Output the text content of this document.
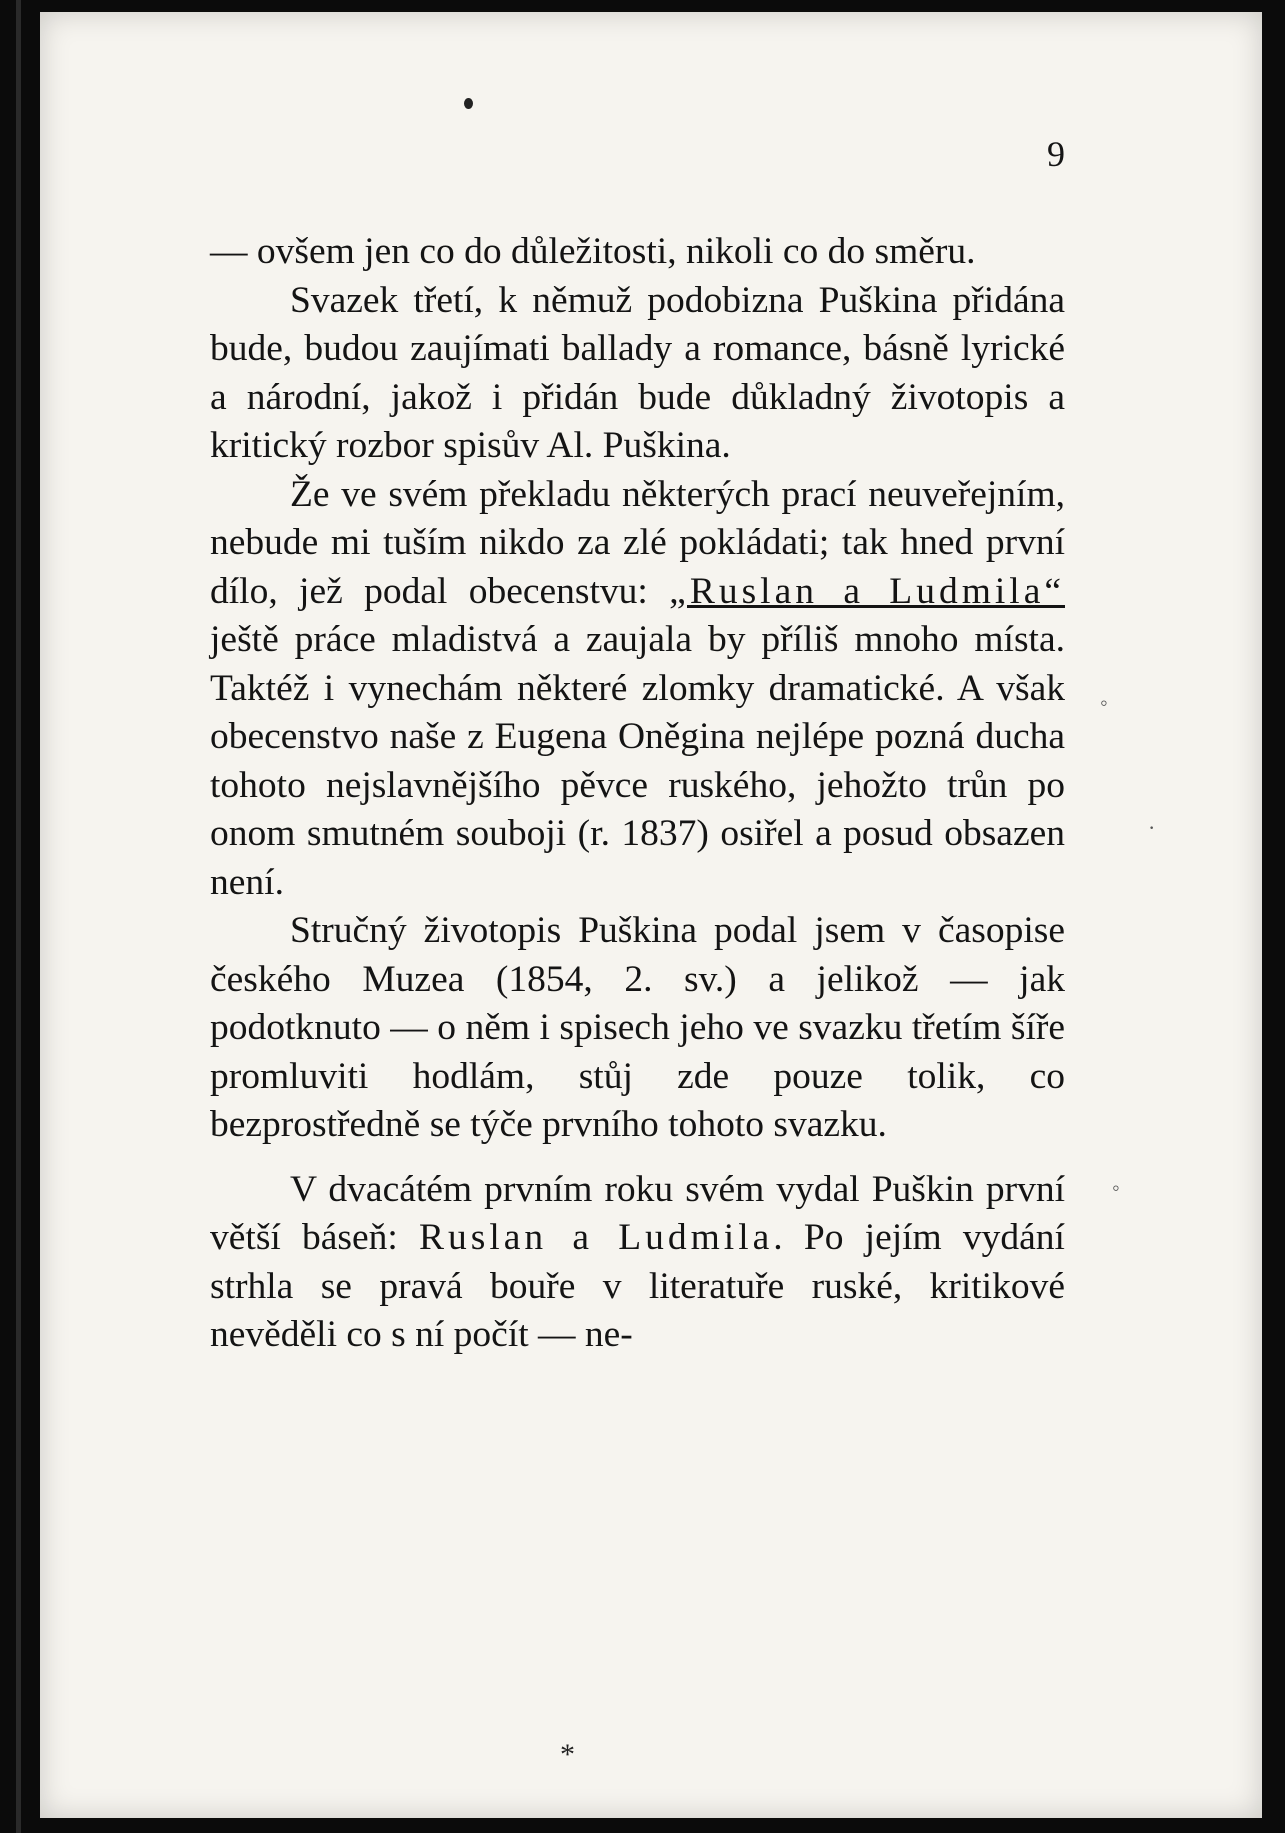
◦
◦
·
9

— ovšem jen co do důležitosti, nikoli co do směru.

Svazek třetí, k němuž podobizna Puškina přidána bude, budou zaujímati ballady a romance, básně lyrické a národní, jakož i přidán bude důkladný životopis a kritický rozbor spisův Al. Puškina.

Že ve svém překladu některých prací neuveřejním, nebude mi tuším nikdo za zlé pokládati; tak hned první dílo, jež podal obecenstvu: „Ruslan a Ludmila“ ještě práce mladistvá a zaujala by příliš mnoho místa. Taktéž i vynechám některé zlomky dramatické. A však obecenstvo naše z Eugena Oněgina nejlépe pozná ducha tohoto nejslavnějšího pěvce ruského, jehožto trůn po onom smutném souboji (r. 1837) osiřel a posud obsazen není.

Stručný životopis Puškina podal jsem v časopise českého Muzea (1854, 2. sv.) a jelikož — jak podotknuto — o něm i spisech jeho ve svazku třetím šíře promluviti hodlám, stůj zde pouze tolik, co bezprostředně se týče prvního tohoto svazku.

V dvacátém prvním roku svém vydal Puškin první větší báseň: Ruslan a Ludmila. Po jejím vydání strhla se pravá bouře v literatuře ruské, kritikové nevěděli co s ní počít — ne-

*
